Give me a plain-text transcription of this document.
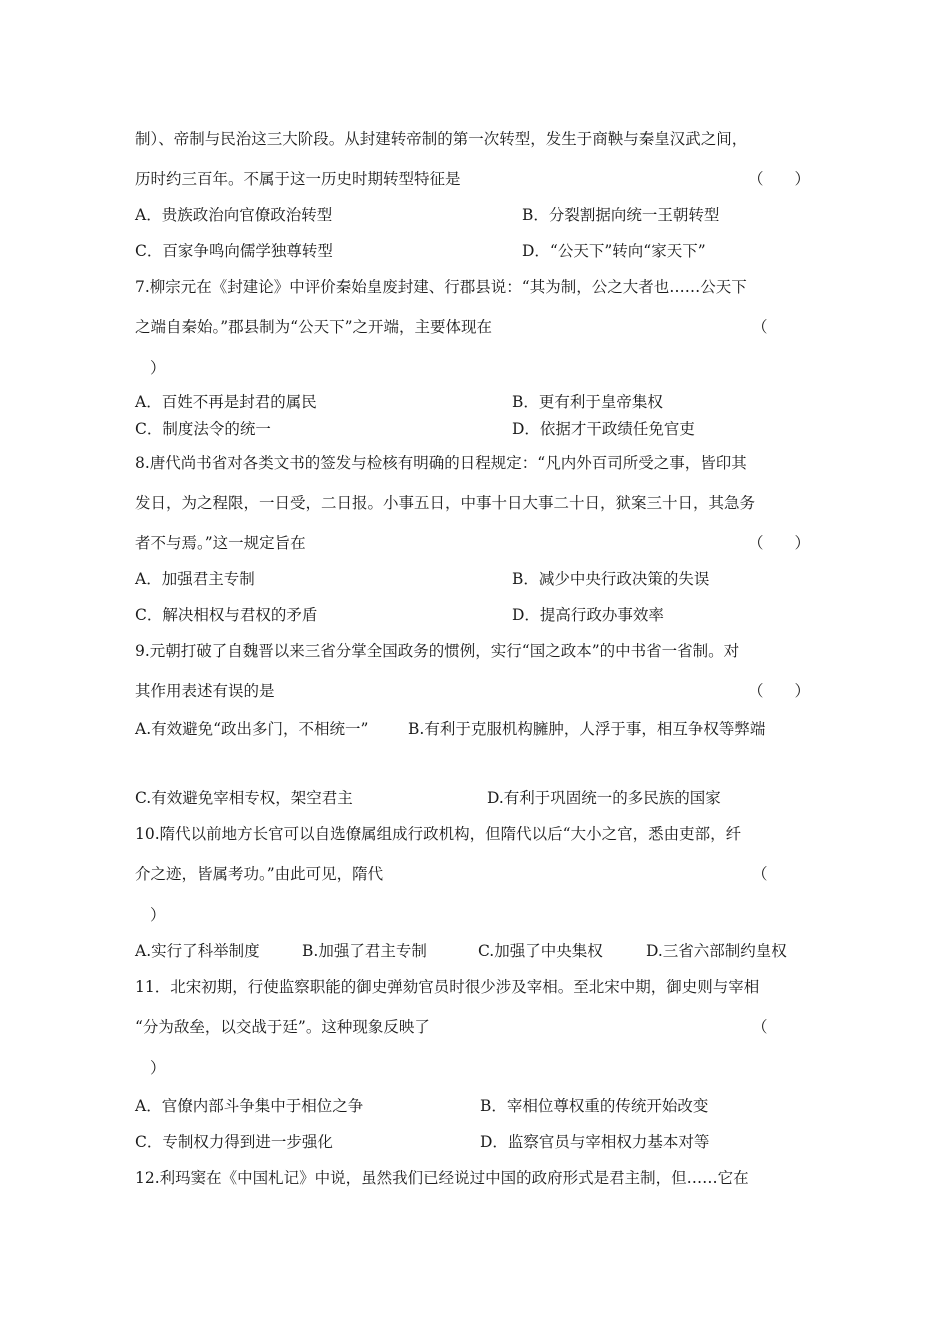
制）、帝制与民治这三大阶段。从封建转帝制的第一次转型，发生于商鞅与秦皇汉武之间，
历时约三百年。不属于这一历史时期转型特征是	（　　）
A．贵族政治向官僚政治转型	B．分裂割据向统一王朝转型
C．百家争鸣向儒学独尊转型	D．“公天下”转向“家天下”
7.柳宗元在《封建论》中评价秦始皇废封建、行郡县说：“其为制，公之大者也……公天下
之端自秦始。”郡县制为“公天下”之开端，主要体现在	（
）
A．百姓不再是封君的属民	B．更有利于皇帝集权
C．制度法令的统一	D．依据才干政绩任免官吏
8.唐代尚书省对各类文书的签发与检核有明确的日程规定：“凡内外百司所受之事，皆印其
发日，为之程限，一日受，二日报。小事五日，中事十日大事二十日，狱案三十日，其急务
者不与焉。”这一规定旨在	（　　）
A．加强君主专制	B．减少中央行政决策的失误
C．解决相权与君权的矛盾	D．提高行政办事效率
9.元朝打破了自魏晋以来三省分掌全国政务的惯例，实行“国之政本”的中书省一省制。对
其作用表述有误的是	（　　）
A.有效避免“政出多门，不相统一”	B.有利于克服机构臃肿，人浮于事，相互争权等弊端
C.有效避免宰相专权，架空君主	D.有利于巩固统一的多民族的国家
10.隋代以前地方长官可以自选僚属组成行政机构，但隋代以后“大小之官，悉由吏部，纤
介之迹，皆属考功。”由此可见，隋代	（
）
A.实行了科举制度	B.加强了君主专制	C.加强了中央集权	D.三省六部制约皇权
11．北宋初期，行使监察职能的御史弹劾官员时很少涉及宰相。至北宋中期，御史则与宰相
“分为敌垒，以交战于廷”。这种现象反映了	（
）
A．官僚内部斗争集中于相位之争	B．宰相位尊权重的传统开始改变
C．专制权力得到进一步强化	D．监察官员与宰相权力基本对等
12.利玛窦在《中国札记》中说，虽然我们已经说过中国的政府形式是君主制，但……它在
